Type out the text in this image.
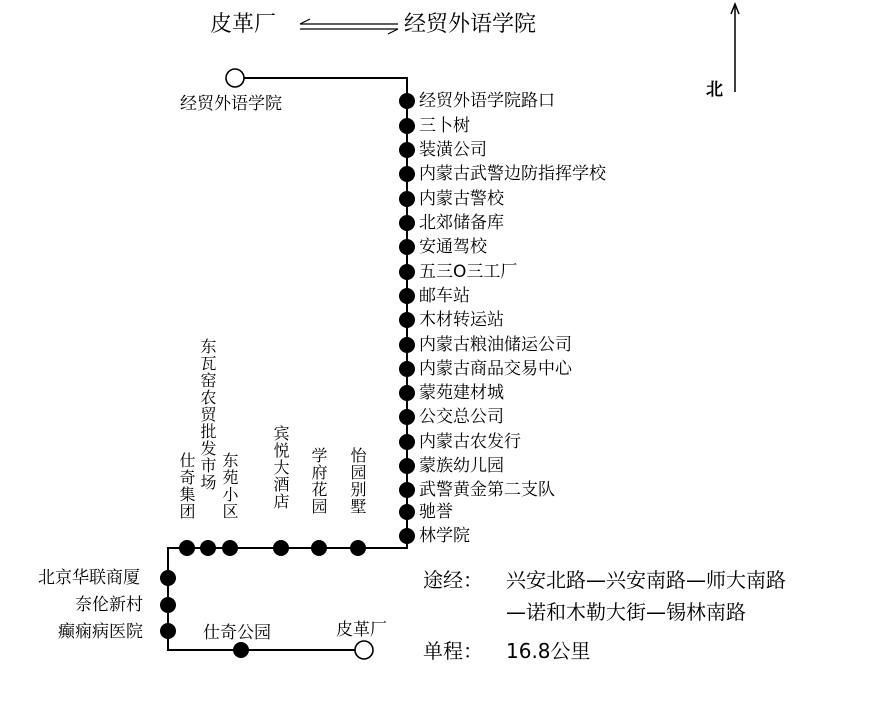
皮革厂	经贸外语学院
北
经贸外语学院
皮革厂
经贸外语学院路口
三卜树
装潢公司
内蒙古武警边防指挥学校
内蒙古警校
北郊储备库
安通驾校
五三O三工厂
邮车站
木材转运站
内蒙古粮油储运公司
内蒙古商品交易中心
蒙苑建材城
公交总公司
内蒙古农发行
蒙族幼儿园
武警黄金第二支队
驰誉
林学院
怡园别墅
学府花园
宾悦大酒店
东苑小区
东瓦窑农贸批发市场
仕奇集团
北京华联商厦
奈伦新村
癫痫病医院	仕奇公园
途经： 兴安北路—兴安南路—师大南路
—诺和木勒大街—锡林南路
单程： 16.8公里
